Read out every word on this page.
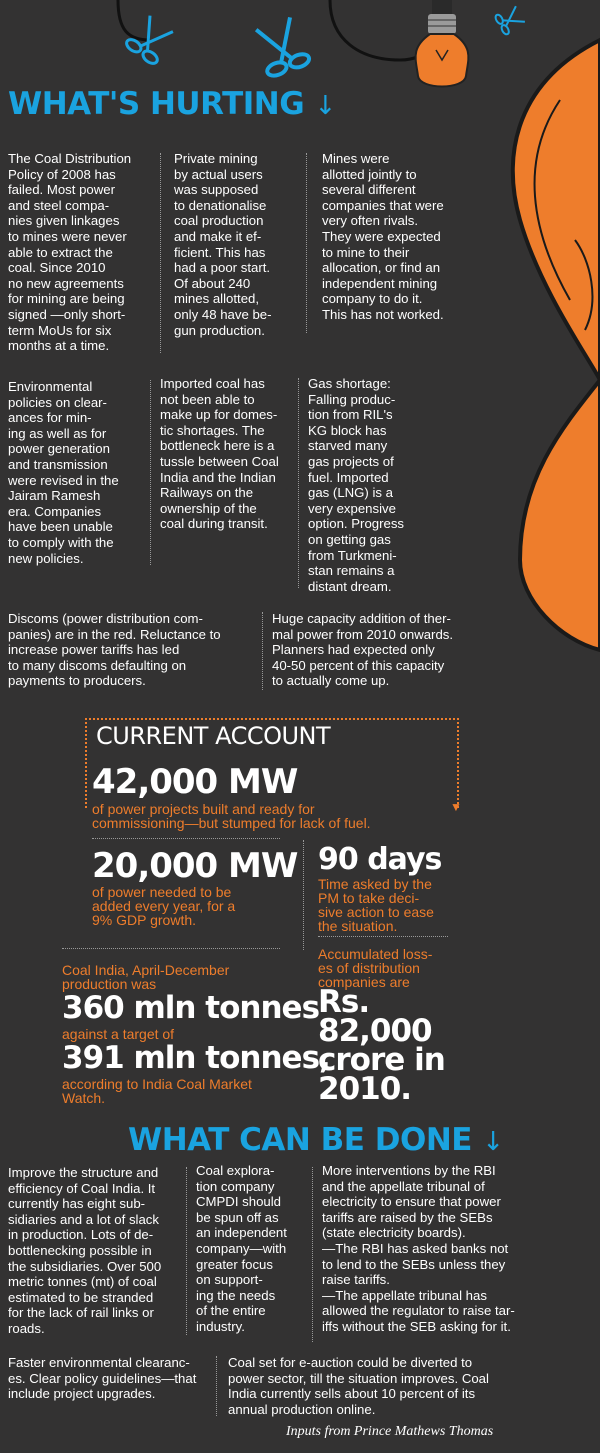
WHAT'S HURTING ↓
The Coal Distribution
Policy of 2008 has
failed. Most power
and steel compa-
nies given linkages
to mines were never
able to extract the
coal. Since 2010
no new agreements
for mining are being
signed —only short-
term MoUs for six
months at a time.
Private mining
by actual users
was supposed
to denationalise
coal production
and make it ef-
ficient. This has
had a poor start.
Of about 240
mines allotted,
only 48 have be-
gun production.
Mines were
allotted jointly to
several different
companies that were
very often rivals.
They were expected
to mine to their
allocation, or find an
independent mining
company to do it.
This has not worked.
Environmental
policies on clear-
ances for min-
ing as well as for
power generation
and transmission
were revised in the
Jairam Ramesh
era. Companies
have been unable
to comply with the
new policies.
Imported coal has
not been able to
make up for domes-
tic shortages. The
bottleneck here is a
tussle between Coal
India and the Indian
Railways on the
ownership of the
coal during transit.
Gas shortage:
Falling produc-
tion from RIL's
KG block has
starved many
gas projects of
fuel. Imported
gas (LNG) is a
very expensive
option. Progress
on getting gas
from Turkmeni-
stan remains a
distant dream.
Discoms (power distribution com-
panies) are in the red. Reluctance to
increase power tariffs has led
to many discoms defaulting on
payments to producers.
Huge capacity addition of ther-
mal power from 2010 onwards.
Planners had expected only
40-50 percent of this capacity
to actually come up.
▼
CURRENT ACCOUNT
42,000 MW
of power projects built and ready for
commissioning—but stumped for lack of fuel.
20,000 MW
of power needed to be
added every year, for a
9% GDP growth.
90 days
Time asked by the
PM to take deci-
sive action to ease
the situation.
Coal India, April-December
production was
360 mln tonnes
against a target of
391 mln tonnes,
according to India Coal Market
Watch.
Accumulated loss-
es of distribution
companies are
Rs.
82,000
crore in
2010.
WHAT CAN BE DONE ↓
Improve the structure and
efficiency of Coal India. It
currently has eight sub-
sidiaries and a lot of slack
in production. Lots of de-
bottlenecking possible in
the subsidiaries. Over 500
metric tonnes (mt) of coal
estimated to be stranded
for the lack of rail links or
roads.
Coal explora-
tion company
CMPDI should
be spun off as
an independent
company—with
greater focus
on support-
ing the needs
of the entire
industry.
More interventions by the RBI
and the appellate tribunal of
electricity to ensure that power
tariffs are raised by the SEBs
(state electricity boards).
—The RBI has asked banks not
to lend to the SEBs unless they
raise tariffs.
—The appellate tribunal has
allowed the regulator to raise tar-
iffs without the SEB asking for it.
Faster environmental clearanc-
es. Clear policy guidelines—that
include project upgrades.
Coal set for e-auction could be diverted to
power sector, till the situation improves. Coal
India currently sells about 10 percent of its
annual production online.
Inputs from Prince Mathews Thomas
